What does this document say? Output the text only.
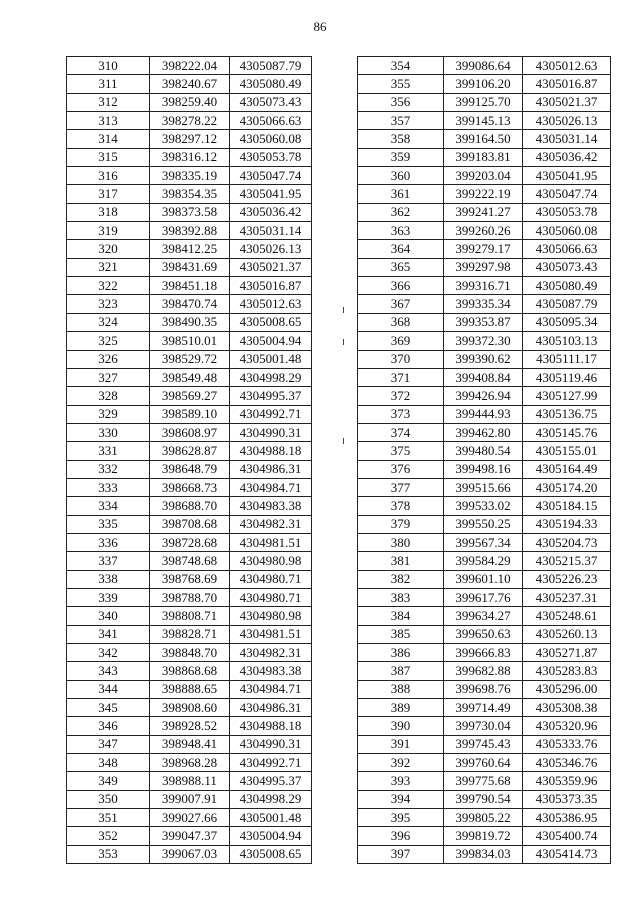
86
310	398222.04	4305087.79
311	398240.67	4305080.49
312	398259.40	4305073.43
313	398278.22	4305066.63
314	398297.12	4305060.08
315	398316.12	4305053.78
316	398335.19	4305047.74
317	398354.35	4305041.95
318	398373.58	4305036.42
319	398392.88	4305031.14
320	398412.25	4305026.13
321	398431.69	4305021.37
322	398451.18	4305016.87
323	398470.74	4305012.63
324	398490.35	4305008.65
325	398510.01	4305004.94
326	398529.72	4305001.48
327	398549.48	4304998.29
328	398569.27	4304995.37
329	398589.10	4304992.71
330	398608.97	4304990.31
331	398628.87	4304988.18
332	398648.79	4304986.31
333	398668.73	4304984.71
334	398688.70	4304983.38
335	398708.68	4304982.31
336	398728.68	4304981.51
337	398748.68	4304980.98
338	398768.69	4304980.71
339	398788.70	4304980.71
340	398808.71	4304980.98
341	398828.71	4304981.51
342	398848.70	4304982.31
343	398868.68	4304983.38
344	398888.65	4304984.71
345	398908.60	4304986.31
346	398928.52	4304988.18
347	398948.41	4304990.31
348	398968.28	4304992.71
349	398988.11	4304995.37
350	399007.91	4304998.29
351	399027.66	4305001.48
352	399047.37	4305004.94
353	399067.03	4305008.65
354	399086.64	4305012.63
355	399106.20	4305016.87
356	399125.70	4305021.37
357	399145.13	4305026.13
358	399164.50	4305031.14
359	399183.81	4305036.42
360	399203.04	4305041.95
361	399222.19	4305047.74
362	399241.27	4305053.78
363	399260.26	4305060.08
364	399279.17	4305066.63
365	399297.98	4305073.43
366	399316.71	4305080.49
367	399335.34	4305087.79
368	399353.87	4305095.34
369	399372.30	4305103.13
370	399390.62	4305111.17
371	399408.84	4305119.46
372	399426.94	4305127.99
373	399444.93	4305136.75
374	399462.80	4305145.76
375	399480.54	4305155.01
376	399498.16	4305164.49
377	399515.66	4305174.20
378	399533.02	4305184.15
379	399550.25	4305194.33
380	399567.34	4305204.73
381	399584.29	4305215.37
382	399601.10	4305226.23
383	399617.76	4305237.31
384	399634.27	4305248.61
385	399650.63	4305260.13
386	399666.83	4305271.87
387	399682.88	4305283.83
388	399698.76	4305296.00
389	399714.49	4305308.38
390	399730.04	4305320.96
391	399745.43	4305333.76
392	399760.64	4305346.76
393	399775.68	4305359.96
394	399790.54	4305373.35
395	399805.22	4305386.95
396	399819.72	4305400.74
397	399834.03	4305414.73
